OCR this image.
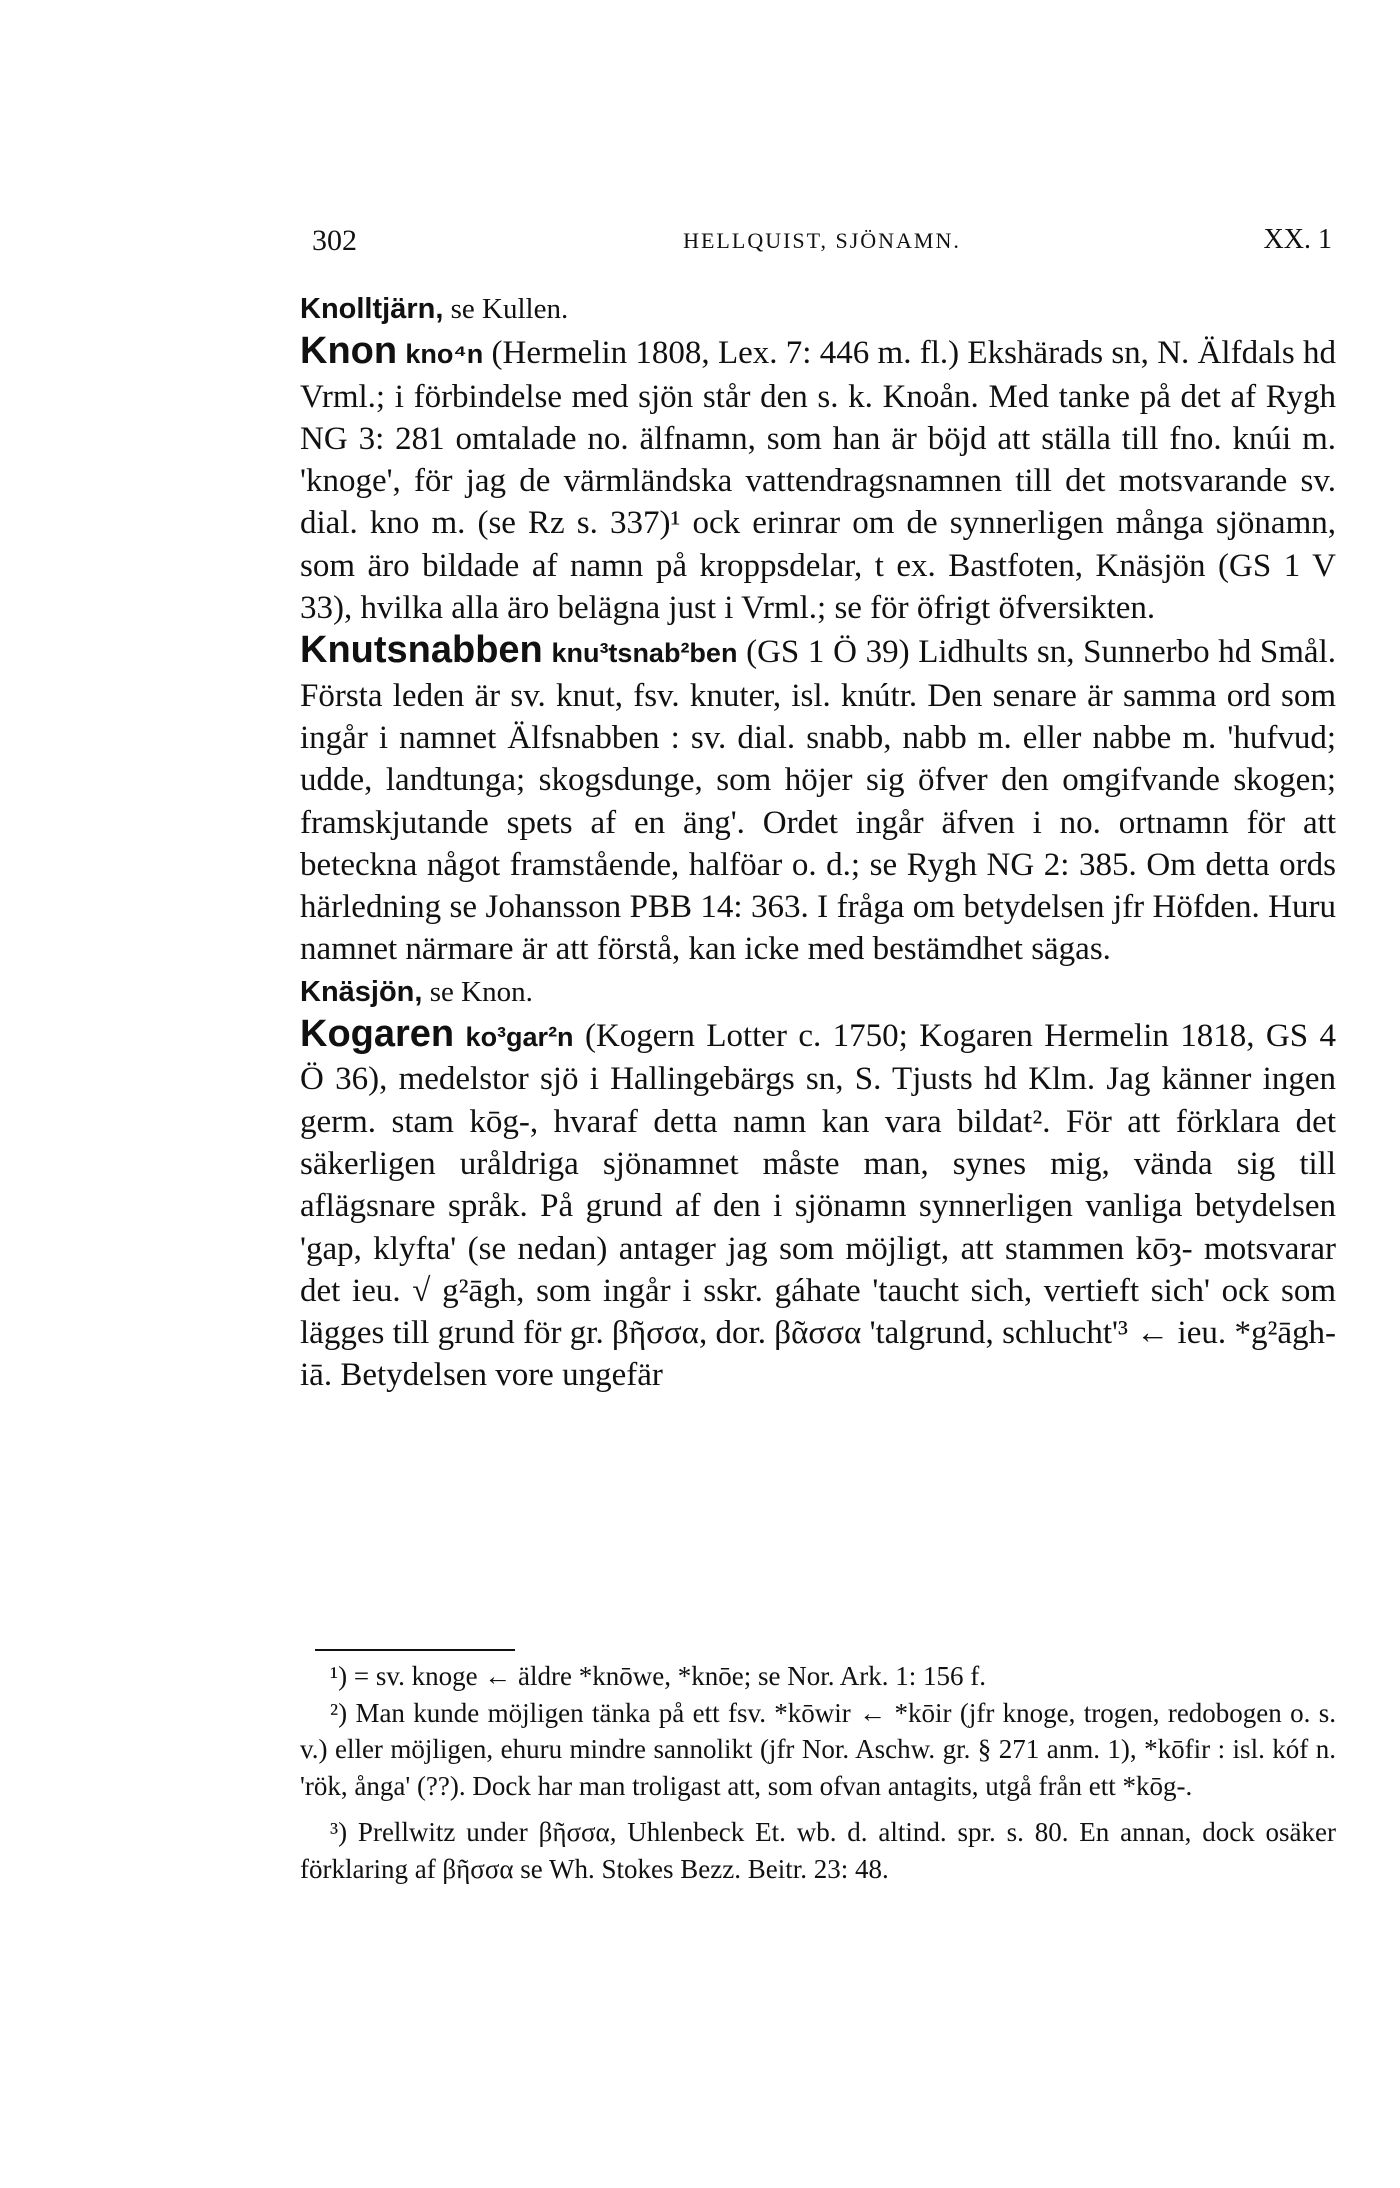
302	HELLQUIST, SJÖNAMN.	XX. 1

Knolltjärn, se Kullen.

Knon kno⁴n (Hermelin 1808, Lex. 7: 446 m. fl.) Ekshärads sn, N. Älfdals hd Vrml.; i förbindelse med sjön står den s. k. Knoån. Med tanke på det af Rygh NG 3: 281 omtalade no. älfnamn, som han är böjd att ställa till fno. knúi m. 'knoge', för jag de värmländska vattendragsnamnen till det motsvarande sv. dial. kno m. (se Rz s. 337)¹ ock erinrar om de synnerligen många sjönamn, som äro bildade af namn på kroppsdelar, t ex. Bastfoten, Knäsjön (GS 1 V 33), hvilka alla äro belägna just i Vrml.; se för öfrigt öfversikten.

Knutsnabben knu³tsnab²ben (GS 1 Ö 39) Lidhults sn, Sunnerbo hd Smål. Första leden är sv. knut, fsv. knuter, isl. knútr. Den senare är samma ord som ingår i namnet Älfsnabben : sv. dial. snabb, nabb m. eller nabbe m. 'hufvud; udde, landtunga; skogsdunge, som höjer sig öfver den omgifvande skogen; framskjutande spets af en äng'. Ordet ingår äfven i no. ortnamn för att beteckna något framstående, halföar o. d.; se Rygh NG 2: 385. Om detta ords härledning se Johansson PBB 14: 363. I fråga om betydelsen jfr Höfden. Huru namnet närmare är att förstå, kan icke med bestämdhet sägas.

Knäsjön, se Knon.

Kogaren ko³gar²n (Kogern Lotter c. 1750; Kogaren Hermelin 1818, GS 4 Ö 36), medelstor sjö i Hallingebärgs sn, S. Tjusts hd Klm. Jag känner ingen germ. stam kōg-, hvaraf detta namn kan vara bildat². För att förklara det säkerligen uråldriga sjönamnet måste man, synes mig, vända sig till aflägsnare språk. På grund af den i sjönamn synnerligen vanliga betydelsen 'gap, klyfta' (se nedan) antager jag som möjligt, att stammen kōȝ- motsvarar det ieu. √ g²āgh, som ingår i sskr. gáhate 'taucht sich, vertieft sich' ock som lägges till grund för gr. βῆσσα, dor. βᾶσσα 'talgrund, schlucht'³ ← ieu. *g²āgh-iā. Betydelsen vore ungefär

¹) = sv. knoge ← äldre *knōwe, *knōe; se Nor. Ark. 1: 156 f.

²) Man kunde möjligen tänka på ett fsv. *kōwir ← *kōir (jfr knoge, trogen, redobogen o. s. v.) eller möjligen, ehuru mindre sannolikt (jfr Nor. Aschw. gr. § 271 anm. 1), *kōfir : isl. kóf n. 'rök, ånga' (??). Dock har man troligast att, som ofvan antagits, utgå från ett *kōg-.

³) Prellwitz under βῆσσα, Uhlenbeck Et. wb. d. altind. spr. s. 80. En annan, dock osäker förklaring af βῆσσα se Wh. Stokes Bezz. Beitr. 23: 48.
